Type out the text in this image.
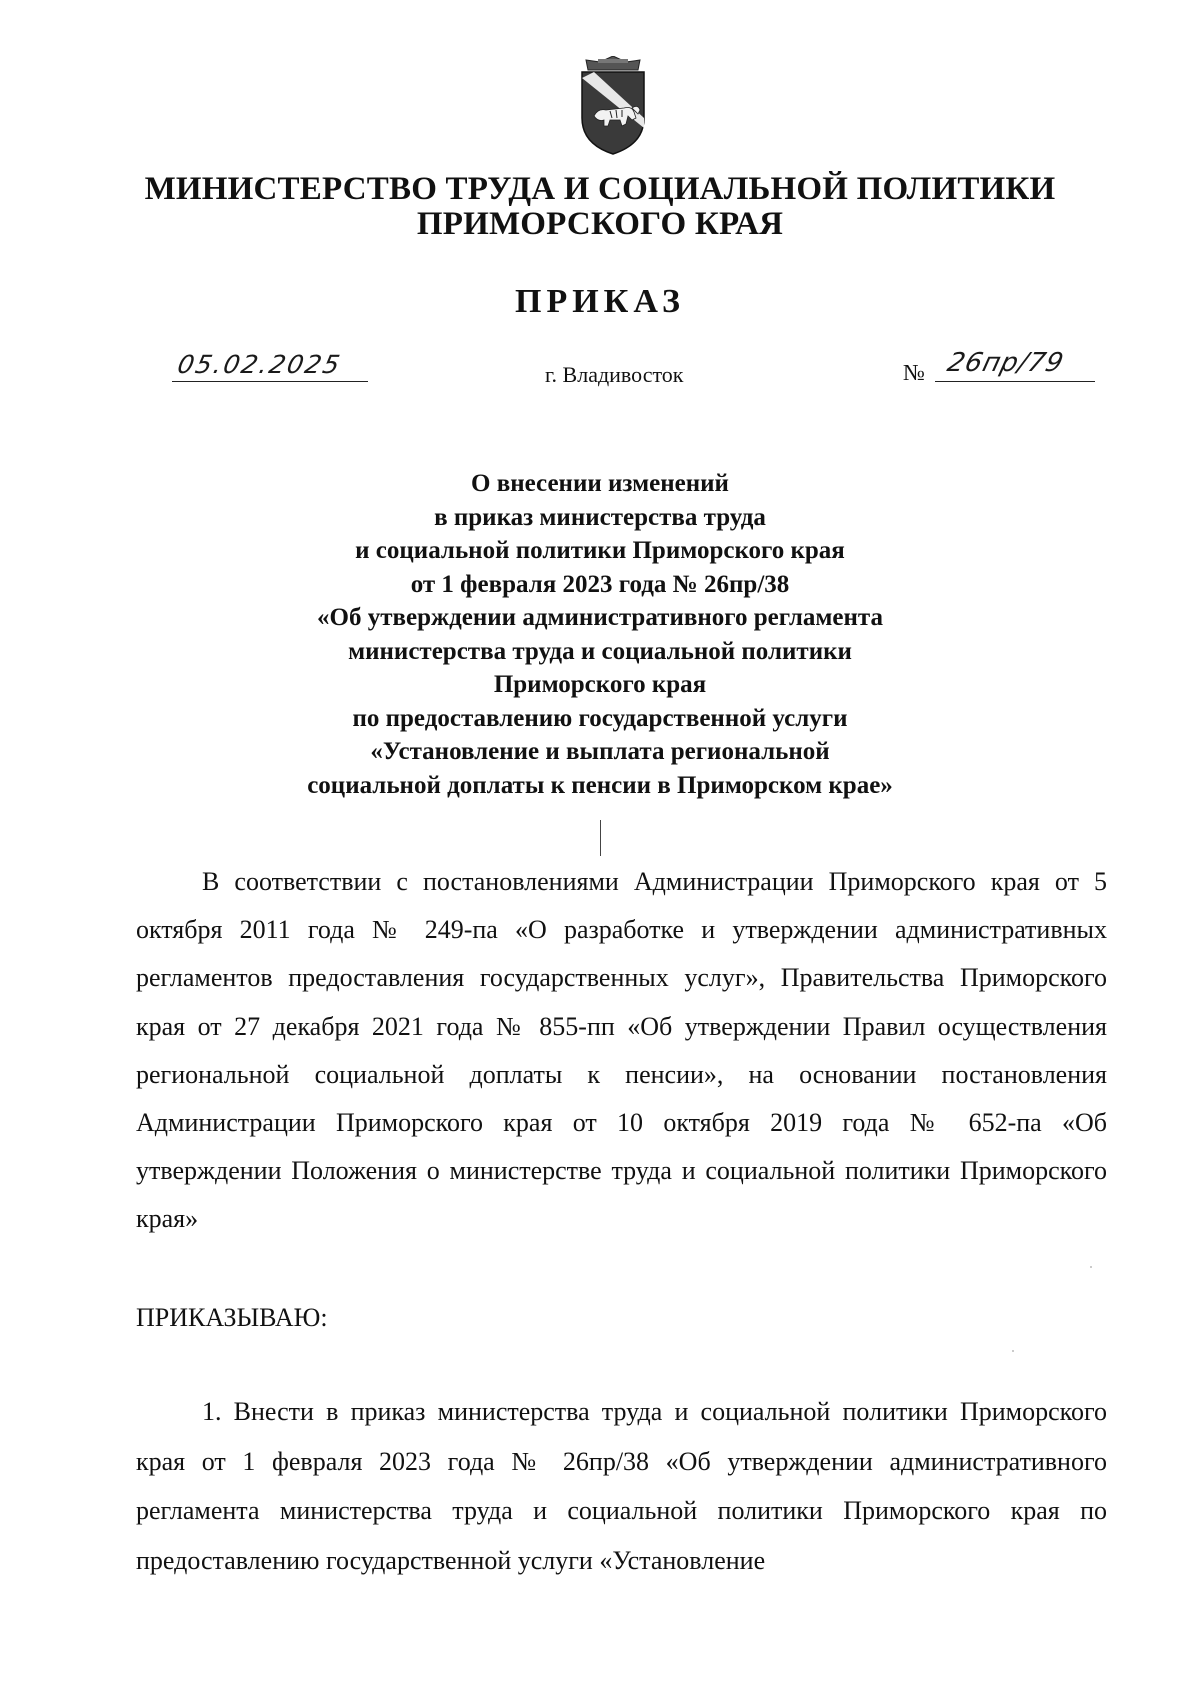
МИНИСТЕРСТВО ТРУДА И СОЦИАЛЬНОЙ ПОЛИТИКИ
ПРИМОРСКОГО КРАЯ
ПРИКАЗ
05.02.2025	г. Владивосток	№ 26пр/79
О внесении изменений
в приказ министерства труда
и социальной политики Приморского края
от 1 февраля 2023 года № 26пр/38
«Об утверждении административного регламента
министерства труда и социальной политики
Приморского края
по предоставлению государственной услуги
«Установление и выплата региональной
социальной доплаты к пенсии в Приморском крае»
В соответствии с постановлениями Администрации Приморского края от 5 октября 2011 года № 249-па «О разработке и утверждении административных регламентов предоставления государственных услуг», Правительства Приморского края от 27 декабря 2021 года № 855-пп «Об утверждении Правил осуществления региональной социальной доплаты к пенсии», на основании постановления Администрации Приморского края от 10 октября 2019 года № 652-па «Об утверждении Положения о министерстве труда и социальной политики Приморского края»
ПРИКАЗЫВАЮ:
1. Внести в приказ министерства труда и социальной политики Приморского края от 1 февраля 2023 года № 26пр/38 «Об утверждении административного регламента министерства труда и социальной политики Приморского края по предоставлению государственной услуги «Установление
